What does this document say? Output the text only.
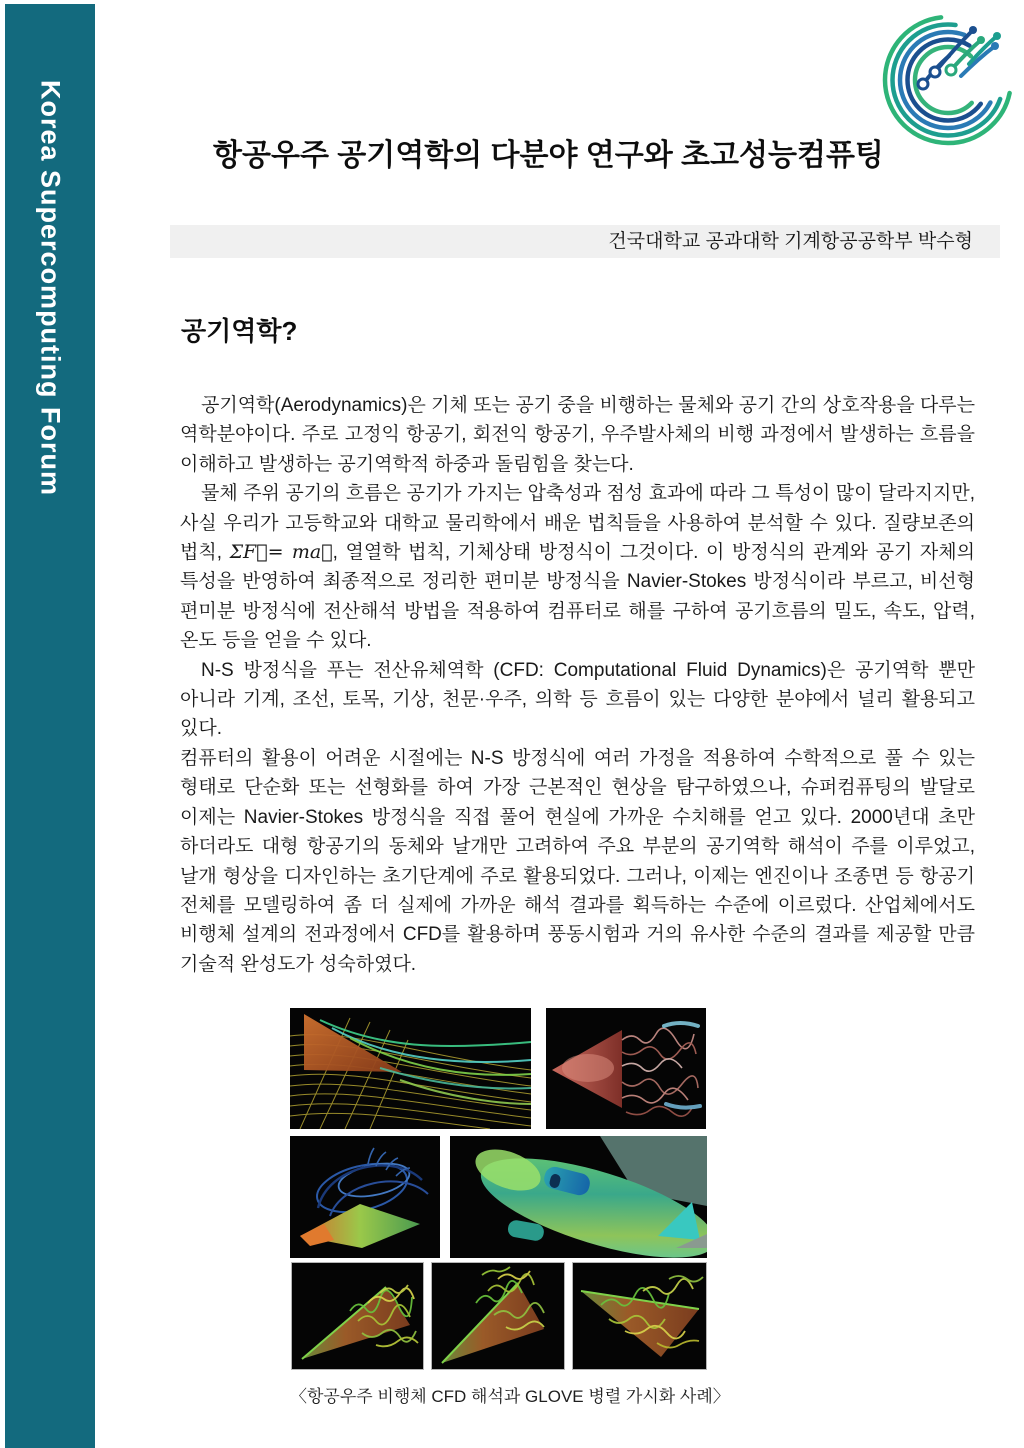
Korea Supercomputing Forum	항공우주 공기역학의 다분야 연구와 초고성능컴퓨팅
건국대학교 공과대학 기계항공공학부 박수형
공기역학?

공기역학(Aerodynamics)은 기체 또는 공기 중을 비행하는 물체와 공기 간의 상호작용을 다루는 역학분야이다. 주로 고정익 항공기, 회전익 항공기, 우주발사체의 비행 과정에서 발생하는 흐름을 이해하고 발생하는 공기역학적 하중과 돌림힘을 찾는다.

물체 주위 공기의 흐름은 공기가 가지는 압축성과 점성 효과에 따라 그 특성이 많이 달라지지만, 사실 우리가 고등학교와 대학교 물리학에서 배운 법칙들을 사용하여 분석할 수 있다. 질량보존의 법칙, ΣF⃗= ma⃗, 열열학 법칙, 기체상태 방정식이 그것이다. 이 방정식의 관계와 공기 자체의 특성을 반영하여 최종적으로 정리한 편미분 방정식을 Navier-Stokes 방정식이라 부르고, 비선형 편미분 방정식에 전산해석 방법을 적용하여 컴퓨터로 해를 구하여 공기흐름의 밀도, 속도, 압력, 온도 등을 얻을 수 있다.

N-S 방정식을 푸는 전산유체역학 (CFD: Computational Fluid Dynamics)은 공기역학 뿐만 아니라 기계, 조선, 토목, 기상, 천문·우주, 의학 등 흐름이 있는 다양한 분야에서 널리 활용되고 있다.

컴퓨터의 활용이 어려운 시절에는 N-S 방정식에 여러 가정을 적용하여 수학적으로 풀 수 있는 형태로 단순화 또는 선형화를 하여 가장 근본적인 현상을 탐구하였으나, 슈퍼컴퓨팅의 발달로 이제는 Navier-Stokes 방정식을 직접 풀어 현실에 가까운 수치해를 얻고 있다. 2000년대 초만 하더라도 대형 항공기의 동체와 날개만 고려하여 주요 부분의 공기역학 해석이 주를 이루었고, 날개 형상을 디자인하는 초기단계에 주로 활용되었다. 그러나, 이제는 엔진이나 조종면 등 항공기 전체를 모델링하여 좀 더 실제에 가까운 해석 결과를 획득하는 수준에 이르렀다. 산업체에서도 비행체 설계의 전과정에서 CFD를 활용하며 풍동시험과 거의 유사한 수준의 결과를 제공할 만큼 기술적 완성도가 성숙하였다.

〈항공우주 비행체 CFD 해석과 GLOVE 병렬 가시화 사례〉
